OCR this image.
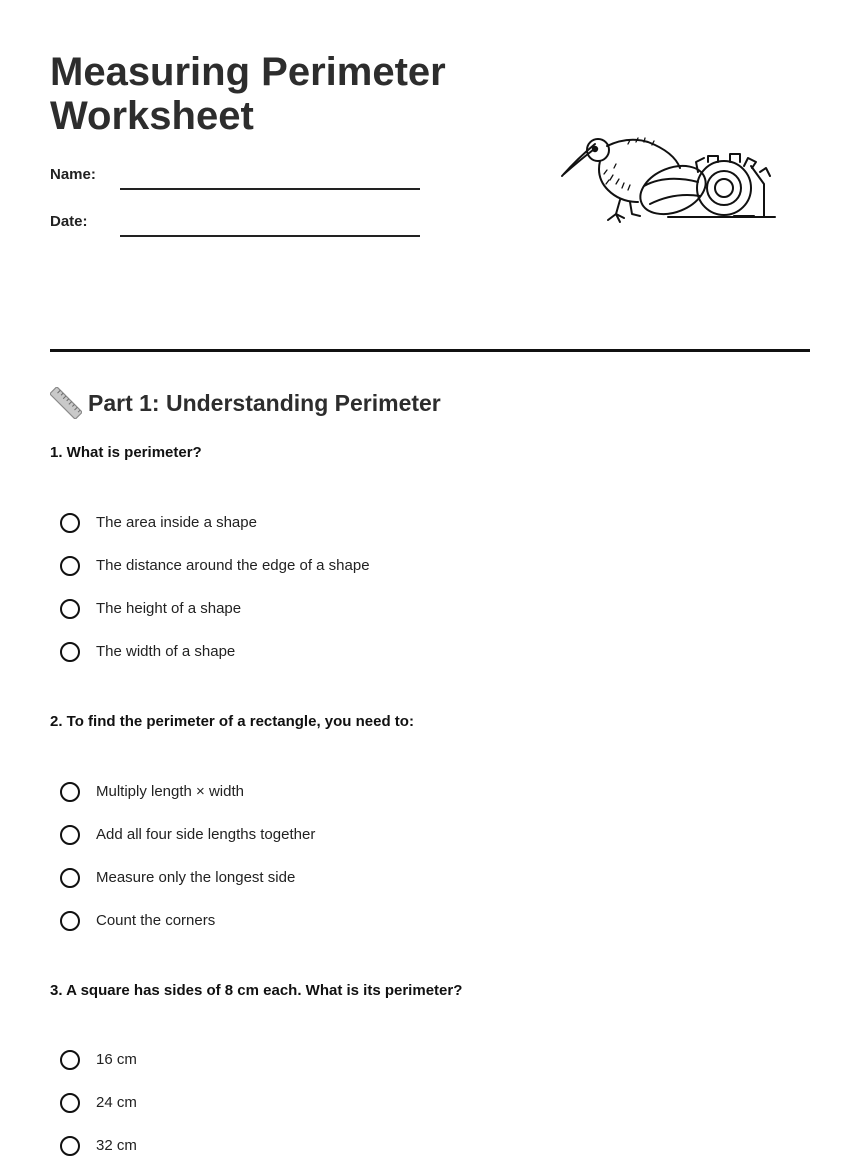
Measuring Perimeter
Worksheet
Name:
Date:
Part 1: Understanding Perimeter
1. What is perimeter?
The area inside a shape
The distance around the edge of a shape
The height of a shape
The width of a shape
2. To find the perimeter of a rectangle, you need to:
Multiply length × width
Add all four side lengths together
Measure only the longest side
Count the corners
3. A square has sides of 8 cm each. What is its perimeter?
16 cm
24 cm
32 cm
